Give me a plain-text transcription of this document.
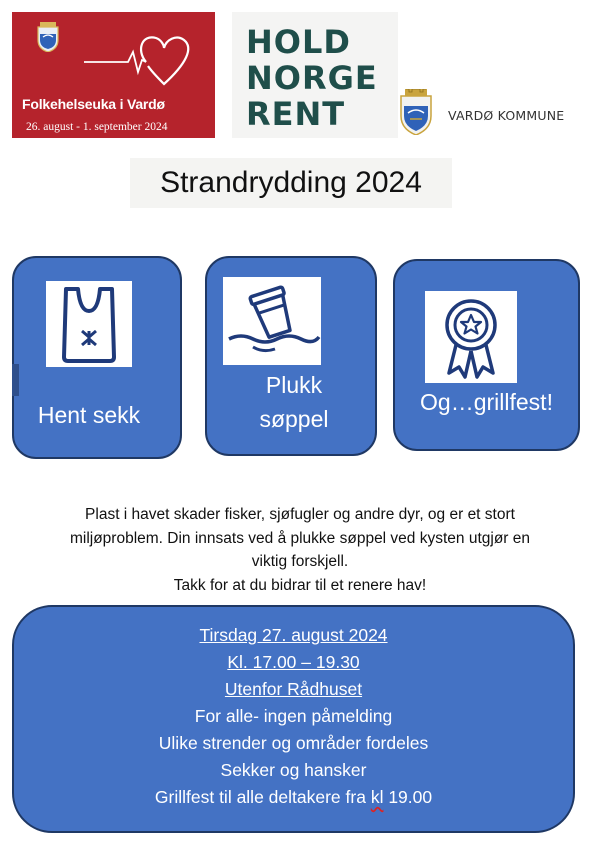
Folkehelseuka i Vardø
26. august - 1. september 2024
HOLD
NORGE
RENT	VARDØ KOMMUNE
Strandrydding 2024
Hent sekk
Plukk
søppel
Og…grillfest!
Plast i havet skader fisker, sjøfugler og andre dyr, og er et stort
miljøproblem. Din innsats ved å plukke søppel ved kysten utgjør en
viktig forskjell.
Takk for at du bidrar til et renere hav!
Tirsdag 27. august 2024
Kl. 17.00 – 19.30
Utenfor Rådhuset
For alle- ingen påmelding
Ulike strender og områder fordeles
Sekker og hansker
Grillfest til alle deltakere fra kl 19.00
